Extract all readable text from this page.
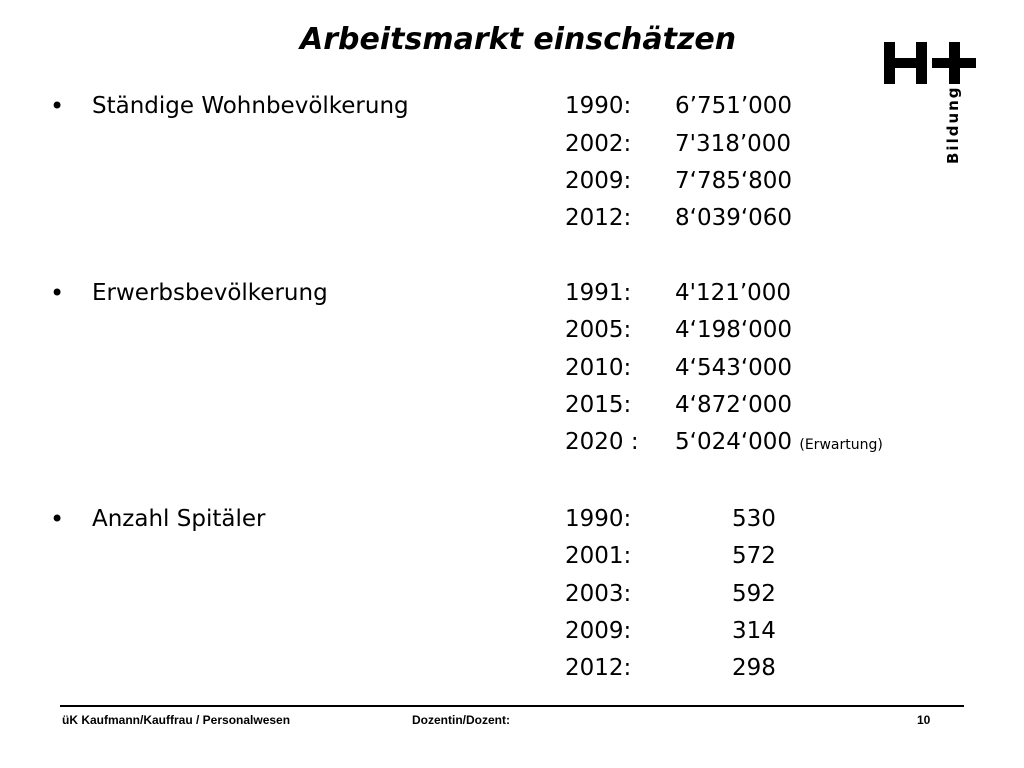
Arbeitsmarkt einschätzen
Bildung
• Ständige Wohnbevölkerung	1990: 6’751’000
2002: 7'318’000
2009: 7‘785‘800
2012: 8‘039‘060
• Erwerbsbevölkerung	1991: 4'121’000
2005: 4‘198‘000
2010: 4‘543‘000
2015: 4‘872‘000
2020 : 5‘024‘000 (Erwartung)
• Anzahl Spitäler	1990:	530
2001:	572
2003:	592
2009:	314
2012:	298
üK Kaufmann/Kauffrau / Personalwesen	Dozentin/Dozent:	10
